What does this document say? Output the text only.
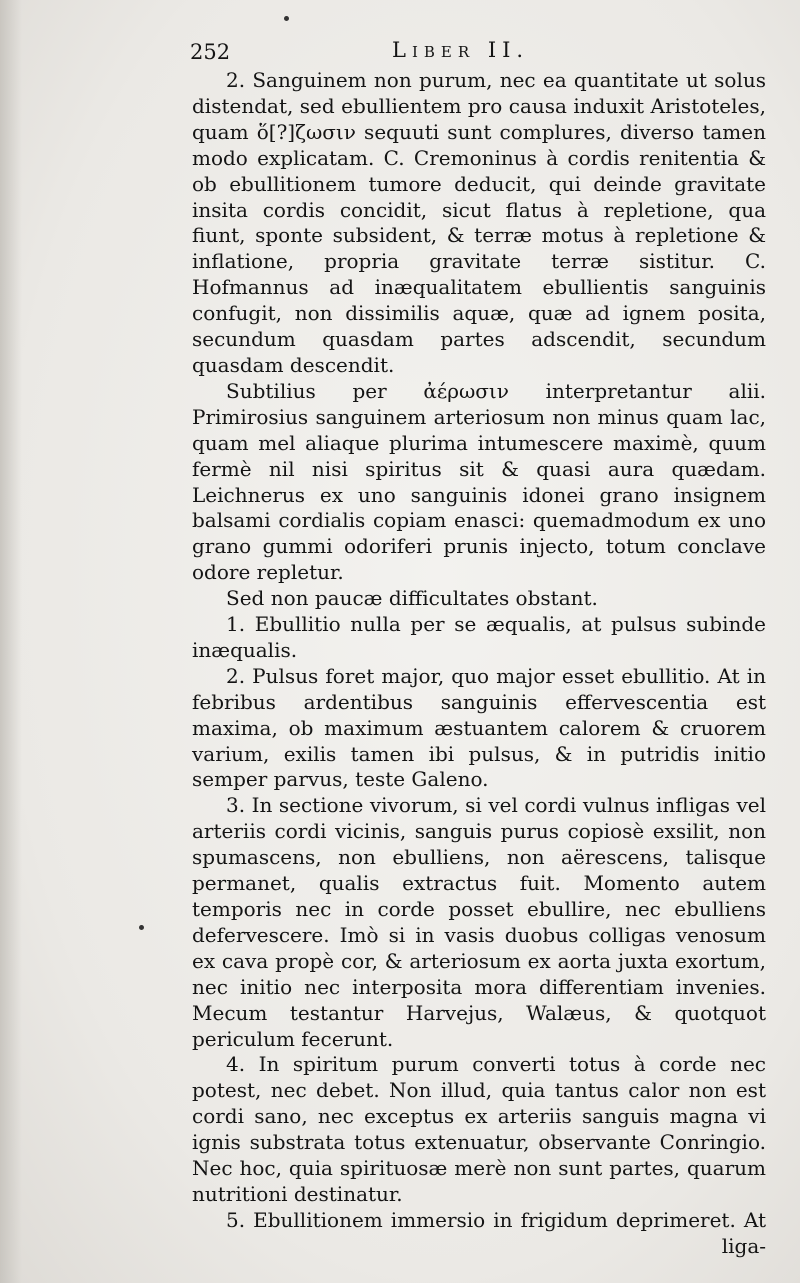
252	Liber II.

2. Sanguinem non purum, nec ea quantitate ut solus distendat, sed ebullientem pro causa induxit Aristoteles, quam ὅ[?]ζωσιν sequuti sunt complures, diverso tamen modo explicatam. C. Cremoninus à cordis renitentia & ob ebullitionem tumore deducit, qui deinde gravitate insita cordis concidit, sicut flatus à repletione, qua fiunt, sponte subsident, & terræ motus à repletione & inflatione, propria gravitate terræ sistitur. C. Hofmannus ad inæqualitatem ebullientis sanguinis confugit, non dissimilis aquæ, quæ ad ignem posita, secundum quasdam partes adscendit, secundum quasdam descendit.

Subtilius per ἀέρωσιν interpretantur alii. Primirosius sanguinem arteriosum non minus quam lac, quam mel aliaque plurima intumescere maximè, quum fermè nil nisi spiritus sit & quasi aura quædam. Leichnerus ex uno sanguinis idonei grano insignem balsami cordialis copiam enasci: quemadmodum ex uno grano gummi odoriferi prunis injecto, totum conclave odore repletur.

Sed non paucæ difficultates obstant.

1. Ebullitio nulla per se æqualis, at pulsus subinde inæqualis.

2. Pulsus foret major, quo major esset ebullitio. At in febribus ardentibus sanguinis effervescentia est maxima, ob maximum æstuantem calorem & cruorem varium, exilis tamen ibi pulsus, & in putridis initio semper parvus, teste Galeno.

3. In sectione vivorum, si vel cordi vulnus infligas vel arteriis cordi vicinis, sanguis purus copiosè exsilit, non spumascens, non ebulliens, non aërescens, talisque permanet, qualis extractus fuit. Momento autem temporis nec in corde posset ebullire, nec ebulliens defervescere. Imò si in vasis duobus colligas venosum ex cava propè cor, & arteriosum ex aorta juxta exortum, nec initio nec interposita mora differentiam invenies. Mecum testantur Harvejus, Walæus, & quotquot periculum fecerunt.

4. In spiritum purum converti totus à corde nec potest, nec debet. Non illud, quia tantus calor non est cordi sano, nec exceptus ex arteriis sanguis magna vi ignis substrata totus extenuatur, observante Conringio. Nec hoc, quia spirituosæ merè non sunt partes, quarum nutritioni destinatur.

5. Ebullitionem immersio in frigidum deprimeret. At liga-
